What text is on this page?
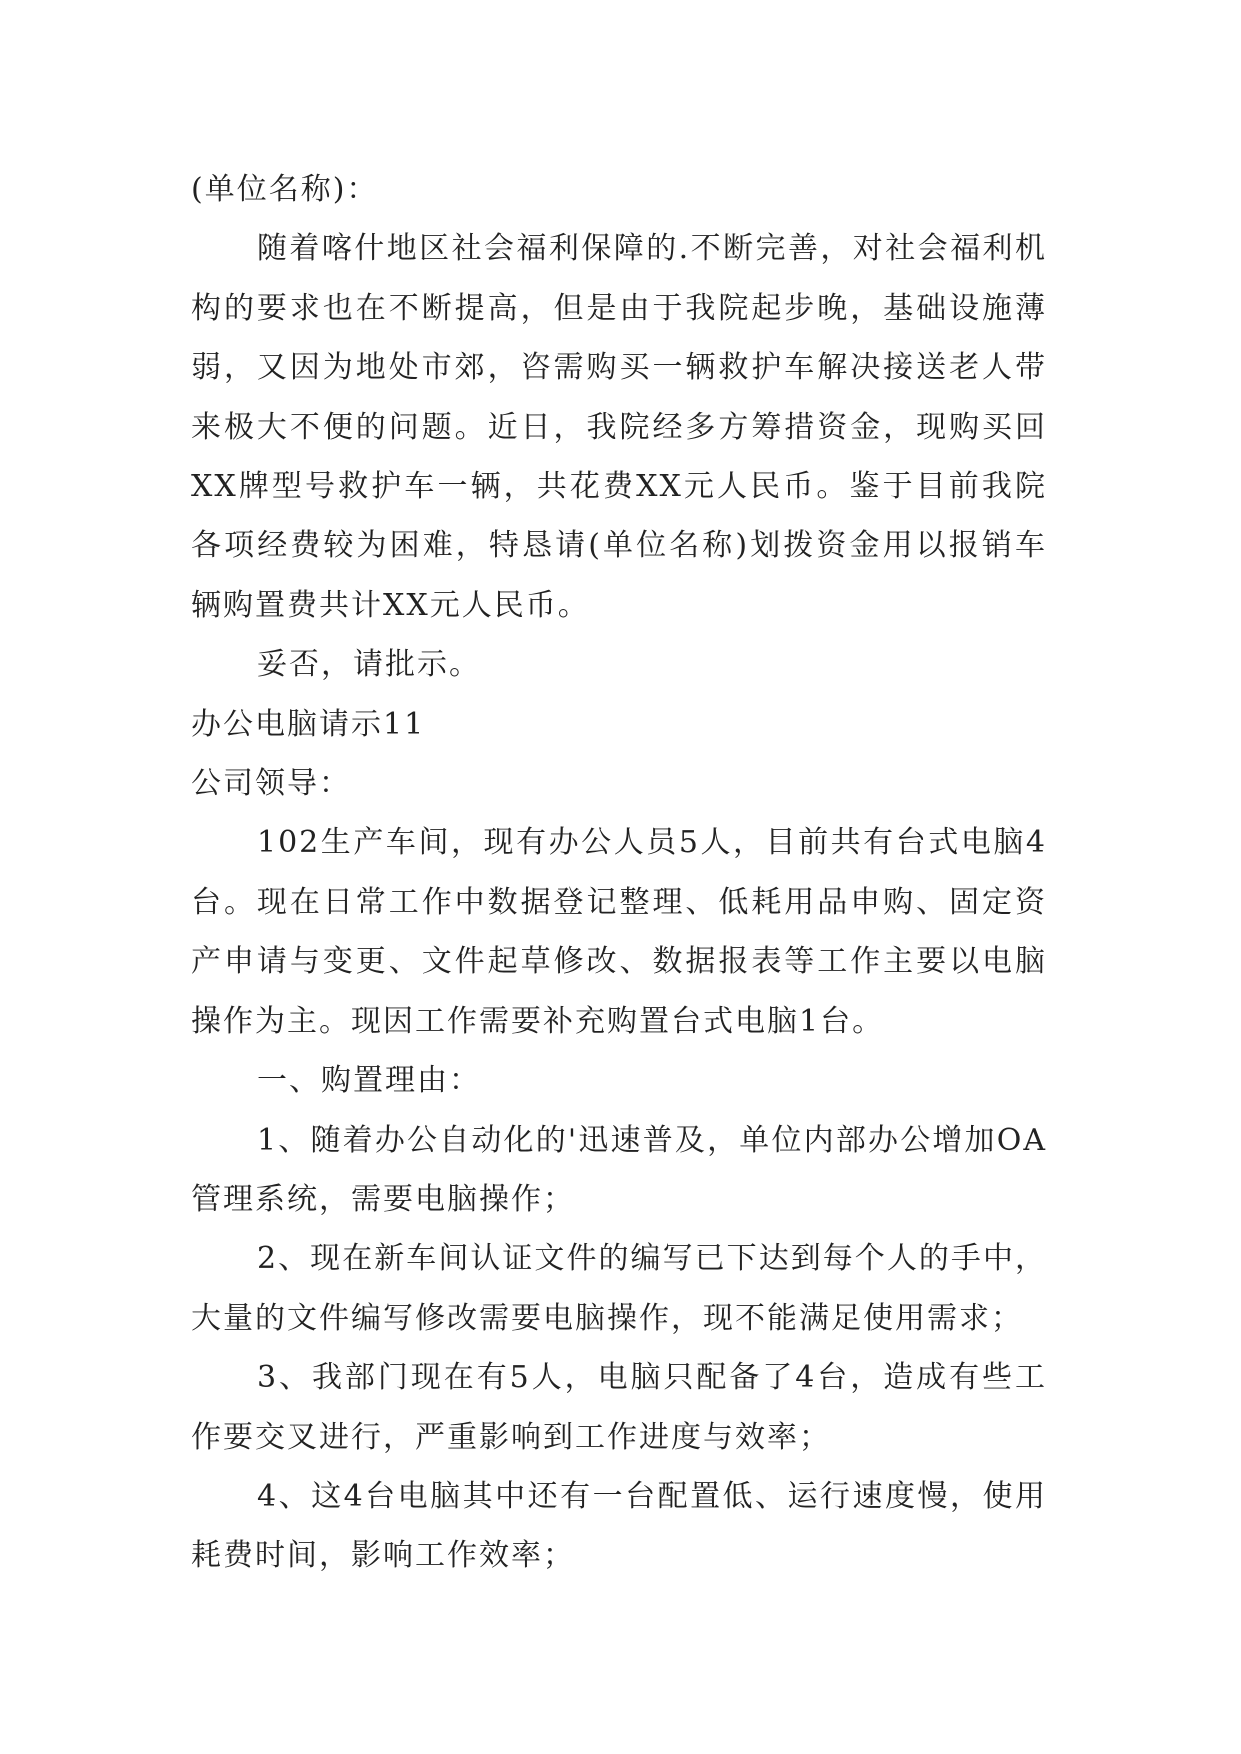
(单位名称)：

随着喀什地区社会福利保障的.不断完善，对社会福利机构的要求也在不断提高，但是由于我院起步晚，基础设施薄弱，又因为地处市郊，咨需购买一辆救护车解决接送老人带来极大不便的问题。近日，我院经多方筹措资金，现购买回XX牌型号救护车一辆，共花费XX元人民币。鉴于目前我院各项经费较为困难，特恳请(单位名称)划拨资金用以报销车辆购置费共计XX元人民币。

妥否，请批示。

办公电脑请示11

公司领导：

102生产车间，现有办公人员5人，目前共有台式电脑4台。现在日常工作中数据登记整理、低耗用品申购、固定资产申请与变更、文件起草修改、数据报表等工作主要以电脑操作为主。现因工作需要补充购置台式电脑1台。

一、购置理由：

1、随着办公自动化的'迅速普及，单位内部办公增加OA管理系统，需要电脑操作；

2、现在新车间认证文件的编写已下达到每个人的手中，大量的文件编写修改需要电脑操作，现不能满足使用需求；

3、我部门现在有5人，电脑只配备了4台，造成有些工作要交叉进行，严重影响到工作进度与效率；

4、这4台电脑其中还有一台配置低、运行速度慢，使用耗费时间，影响工作效率；
